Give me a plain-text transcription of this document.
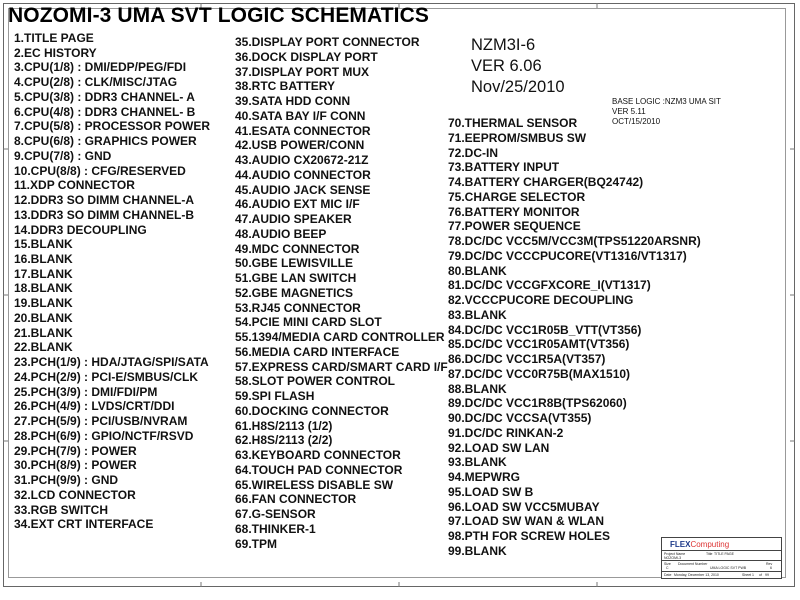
NOZOMI-3 UMA SVT LOGIC SCHEMATICS
1.TITLE PAGE
2.EC HISTORY
3.CPU(1/8) : DMI/EDP/PEG/FDI
4.CPU(2/8) : CLK/MISC/JTAG
5.CPU(3/8) : DDR3 CHANNEL- A
6.CPU(4/8) : DDR3 CHANNEL- B
7.CPU(5/8) : PROCESSOR POWER
8.CPU(6/8) : GRAPHICS POWER
9.CPU(7/8) : GND
10.CPU(8/8) : CFG/RESERVED
11.XDP CONNECTOR
12.DDR3 SO DIMM CHANNEL-A
13.DDR3 SO DIMM CHANNEL-B
14.DDR3 DECOUPLING
15.BLANK
16.BLANK
17.BLANK
18.BLANK
19.BLANK
20.BLANK
21.BLANK
22.BLANK
23.PCH(1/9) : HDA/JTAG/SPI/SATA
24.PCH(2/9) : PCI-E/SMBUS/CLK
25.PCH(3/9) : DMI/FDI/PM
26.PCH(4/9) : LVDS/CRT/DDI
27.PCH(5/9) : PCI/USB/NVRAM
28.PCH(6/9) : GPIO/NCTF/RSVD
29.PCH(7/9) : POWER
30.PCH(8/9) : POWER
31.PCH(9/9) : GND
32.LCD CONNECTOR
33.RGB SWITCH
34.EXT CRT INTERFACE
35.DISPLAY PORT CONNECTOR
36.DOCK DISPLAY PORT
37.DISPLAY PORT MUX
38.RTC BATTERY
39.SATA HDD CONN
40.SATA BAY I/F CONN
41.ESATA CONNECTOR
42.USB POWER/CONN
43.AUDIO CX20672-21Z
44.AUDIO CONNECTOR
45.AUDIO JACK SENSE
46.AUDIO EXT MIC I/F
47.AUDIO SPEAKER
48.AUDIO BEEP
49.MDC CONNECTOR
50.GBE LEWISVILLE
51.GBE LAN SWITCH
52.GBE MAGNETICS
53.RJ45 CONNECTOR
54.PCIE MINI CARD SLOT
55.1394/MEDIA CARD CONTROLLER
56.MEDIA CARD INTERFACE
57.EXPRESS CARD/SMART CARD I/F
58.SLOT POWER CONTROL
59.SPI FLASH
60.DOCKING CONNECTOR
61.H8S/2113 (1/2)
62.H8S/2113 (2/2)
63.KEYBOARD CONNECTOR
64.TOUCH PAD CONNECTOR
65.WIRELESS DISABLE SW
66.FAN CONNECTOR
67.G-SENSOR
68.THINKER-1
69.TPM
70.THERMAL SENSOR
71.EEPROM/SMBUS SW
72.DC-IN
73.BATTERY INPUT
74.BATTERY CHARGER(BQ24742)
75.CHARGE SELECTOR
76.BATTERY MONITOR
77.POWER SEQUENCE
78.DC/DC VCC5M/VCC3M(TPS51220ARSNR)
79.DC/DC VCCCPUCORE(VT1316/VT1317)
80.BLANK
81.DC/DC VCCGFXCORE_I(VT1317)
82.VCCCPUCORE DECOUPLING
83.BLANK
84.DC/DC VCC1R05B_VTT(VT356)
85.DC/DC VCC1R05AMT(VT356)
86.DC/DC VCC1R5A(VT357)
87.DC/DC VCC0R75B(MAX1510)
88.BLANK
89.DC/DC VCC1R8B(TPS62060)
90.DC/DC VCCSA(VT355)
91.DC/DC RINKAN-2
92.LOAD SW LAN
93.BLANK
94.MEPWRG
95.LOAD SW B
96.LOAD SW VCC5MUBAY
97.LOAD SW WAN & WLAN
98.PTH FOR SCREW HOLES
99.BLANK
NZM3I-6
VER 6.06
Nov/25/2010
BASE LOGIC :NZM3 UMA SIT
VER 5.11
OCT/15/2010
FLEXComputing
Project Name
NOZOMI-3
Title TITLE PAGE
Size
C
Document Number
UMA LOGIC SVT PWB
Rev
6
Date Monday, December 13, 2010	Sheet 1 of 99
